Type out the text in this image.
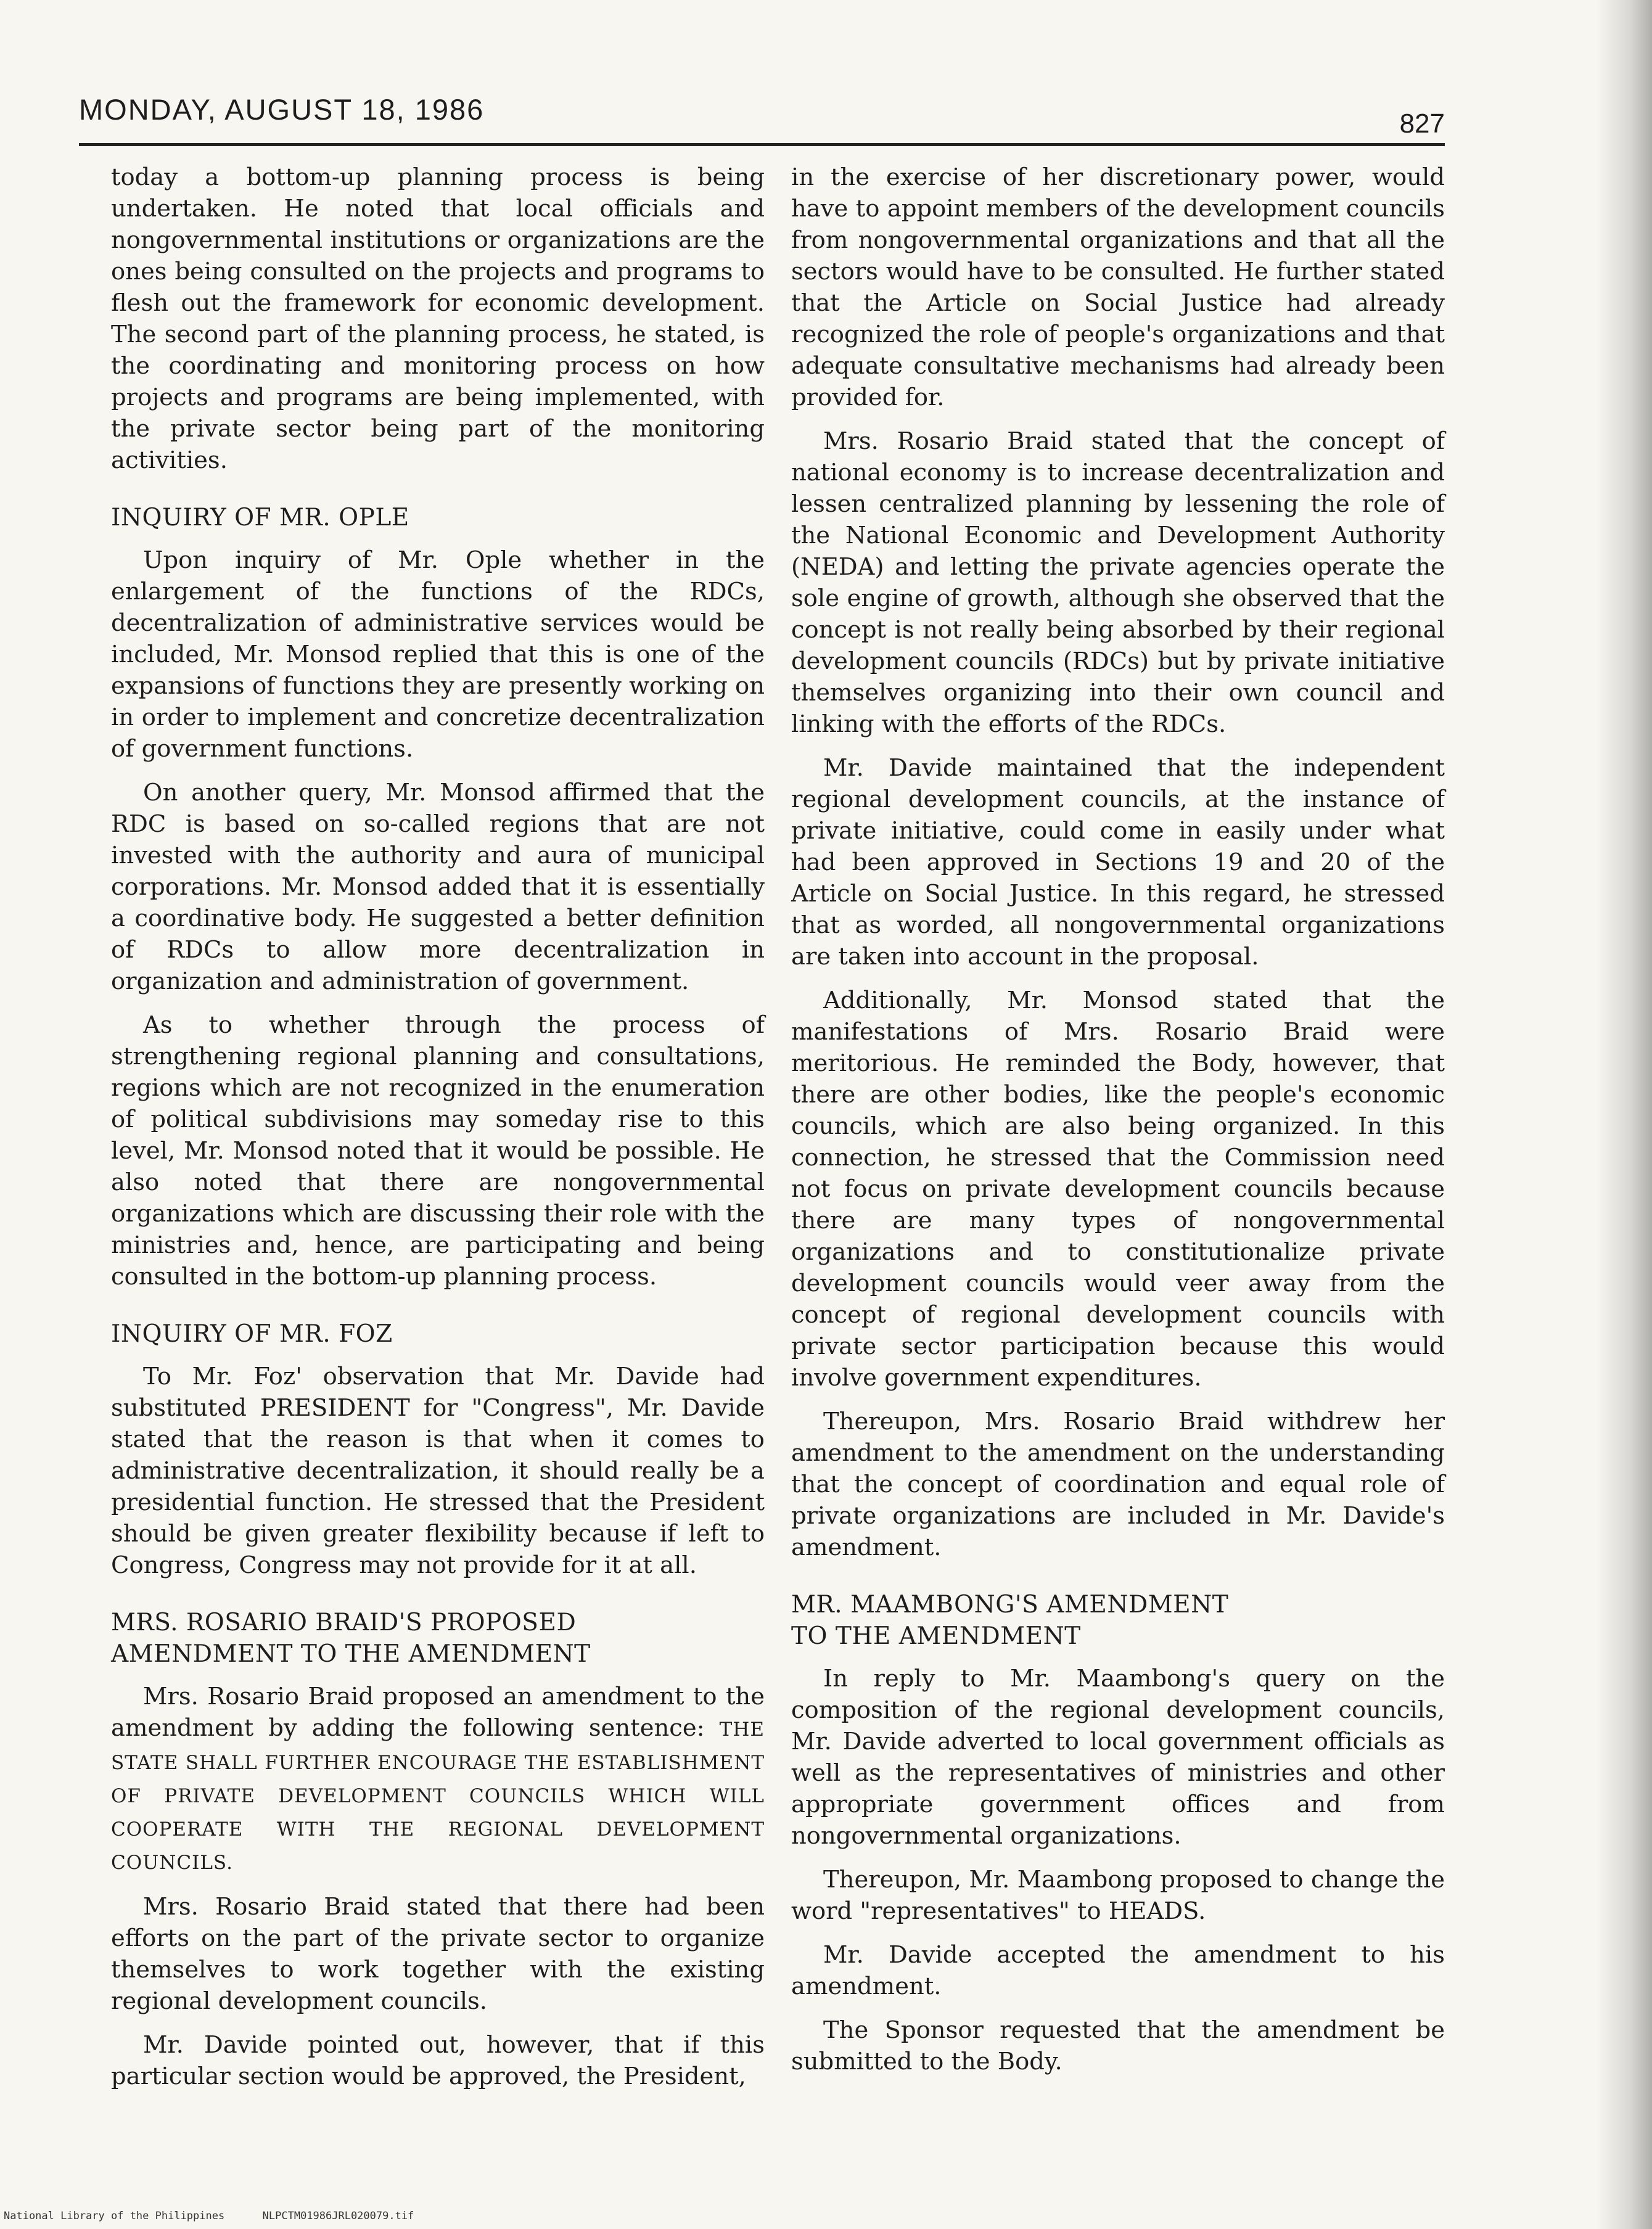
MONDAY, AUGUST 18, 1986	827

today a bottom-up planning process is being undertaken. He noted that local officials and nongovernmental institutions or organizations are the ones being consulted on the projects and programs to flesh out the framework for economic development. The second part of the planning process, he stated, is the coordinating and monitoring process on how projects and programs are being implemented, with the private sector being part of the monitoring activities.

INQUIRY OF MR. OPLE

Upon inquiry of Mr. Ople whether in the enlargement of the functions of the RDCs, decentralization of administrative services would be included, Mr. Monsod replied that this is one of the expansions of functions they are presently working on in order to implement and concretize decentralization of government functions.

On another query, Mr. Monsod affirmed that the RDC is based on so-called regions that are not invested with the authority and aura of municipal corporations. Mr. Monsod added that it is essentially a coordinative body. He suggested a better definition of RDCs to allow more decentralization in organization and administration of government.

As to whether through the process of strengthening regional planning and consultations, regions which are not recognized in the enumeration of political subdivisions may someday rise to this level, Mr. Monsod noted that it would be possible. He also noted that there are nongovernmental organizations which are discussing their role with the ministries and, hence, are participating and being consulted in the bottom-up planning process.

INQUIRY OF MR. FOZ

To Mr. Foz' observation that Mr. Davide had substituted PRESIDENT for "Congress", Mr. Davide stated that the reason is that when it comes to administrative decentralization, it should really be a presidential function. He stressed that the President should be given greater flexibility because if left to Congress, Congress may not provide for it at all.

MRS. ROSARIO BRAID'S PROPOSED
AMENDMENT TO THE AMENDMENT

Mrs. Rosario Braid proposed an amendment to the amendment by adding the following sentence: THE STATE SHALL FURTHER ENCOURAGE THE ESTABLISHMENT OF PRIVATE DEVELOPMENT COUNCILS WHICH WILL COOPERATE WITH THE REGIONAL DEVELOPMENT COUNCILS.

Mrs. Rosario Braid stated that there had been efforts on the part of the private sector to organize themselves to work together with the existing regional development councils.

Mr. Davide pointed out, however, that if this particular section would be approved, the President,

in the exercise of her discretionary power, would have to appoint members of the development councils from nongovernmental organizations and that all the sectors would have to be consulted. He further stated that the Article on Social Justice had already recognized the role of people's organizations and that adequate consultative mechanisms had already been provided for.

Mrs. Rosario Braid stated that the concept of national economy is to increase decentralization and lessen centralized planning by lessening the role of the National Economic and Development Authority (NEDA) and letting the private agencies operate the sole engine of growth, although she observed that the concept is not really being absorbed by their regional development councils (RDCs) but by private initiative themselves organizing into their own council and linking with the efforts of the RDCs.

Mr. Davide maintained that the independent regional development councils, at the instance of private initiative, could come in easily under what had been approved in Sections 19 and 20 of the Article on Social Justice. In this regard, he stressed that as worded, all nongovernmental organizations are taken into account in the proposal.

Additionally, Mr. Monsod stated that the manifestations of Mrs. Rosario Braid were meritorious. He reminded the Body, however, that there are other bodies, like the people's economic councils, which are also being organized. In this connection, he stressed that the Commission need not focus on private development councils because there are many types of nongovernmental organizations and to constitutionalize private development councils would veer away from the concept of regional development councils with private sector participation because this would involve government expenditures.

Thereupon, Mrs. Rosario Braid withdrew her amendment to the amendment on the understanding that the concept of coordination and equal role of private organizations are included in Mr. Davide's amendment.

MR. MAAMBONG'S AMENDMENT
TO THE AMENDMENT

In reply to Mr. Maambong's query on the composition of the regional development councils, Mr. Davide adverted to local government officials as well as the representatives of ministries and other appropriate government offices and from nongovernmental organizations.

Thereupon, Mr. Maambong proposed to change the word "representatives" to HEADS.

Mr. Davide accepted the amendment to his amendment.

The Sponsor requested that the amendment be submitted to the Body.

National Library of the Philippines	NLPCTM01986JRL020079.tif
